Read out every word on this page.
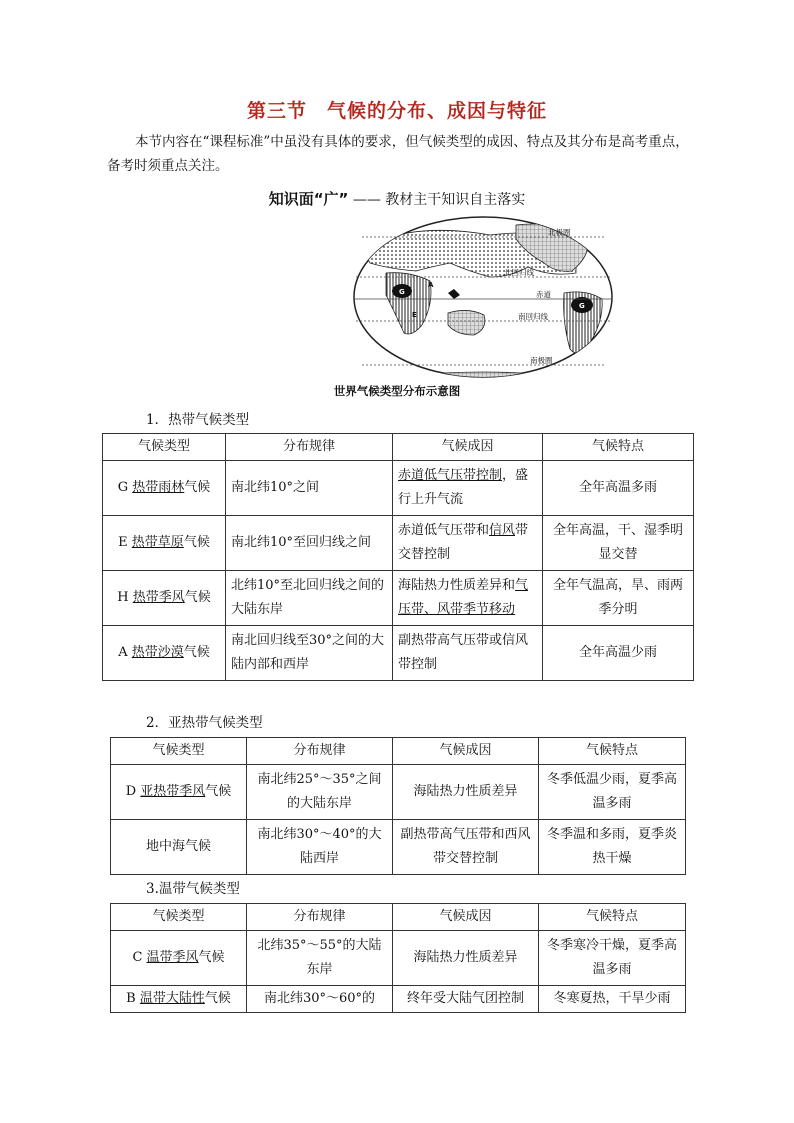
第三节　气候的分布、成因与特征

本节内容在“课程标准”中虽没有具体的要求，但气候类型的成因、特点及其分布是高考重点，备考时须重点关注。

知识面“广” —— 教材主干知识自主落实
北极圈
北回归线
赤道
南回归线
南极圈
G
G
A
E
世界气候类型分布示意图
1．热带气候类型
气候类型	分布规律	气候成因	气候特点
G 热带雨林气候	南北纬10°之间	赤道低气压带控制，盛行上升气流	全年高温多雨
E 热带草原气候	南北纬10°至回归线之间	赤道低气压带和信风带交替控制	全年高温，干、湿季明显交替
H 热带季风气候	北纬10°至北回归线之间的大陆东岸	海陆热力性质差异和气压带、风带季节移动	全年气温高，旱、雨两季分明
A 热带沙漠气候	南北回归线至30°之间的大陆内部和西岸	副热带高气压带或信风带控制	全年高温少雨
2．亚热带气候类型
气候类型	分布规律	气候成因	气候特点
D 亚热带季风气候	南北纬25°～35°之间的大陆东岸	海陆热力性质差异	冬季低温少雨，夏季高温多雨
地中海气候	南北纬30°～40°的大陆西岸	副热带高气压带和西风带交替控制	冬季温和多雨，夏季炎热干燥
3.温带气候类型
气候类型	分布规律	气候成因	气候特点
C 温带季风气候	北纬35°～55°的大陆东岸	海陆热力性质差异	冬季寒冷干燥，夏季高温多雨
B 温带大陆性气候	南北纬30°～60°的	终年受大陆气团控制	冬寒夏热，干旱少雨
